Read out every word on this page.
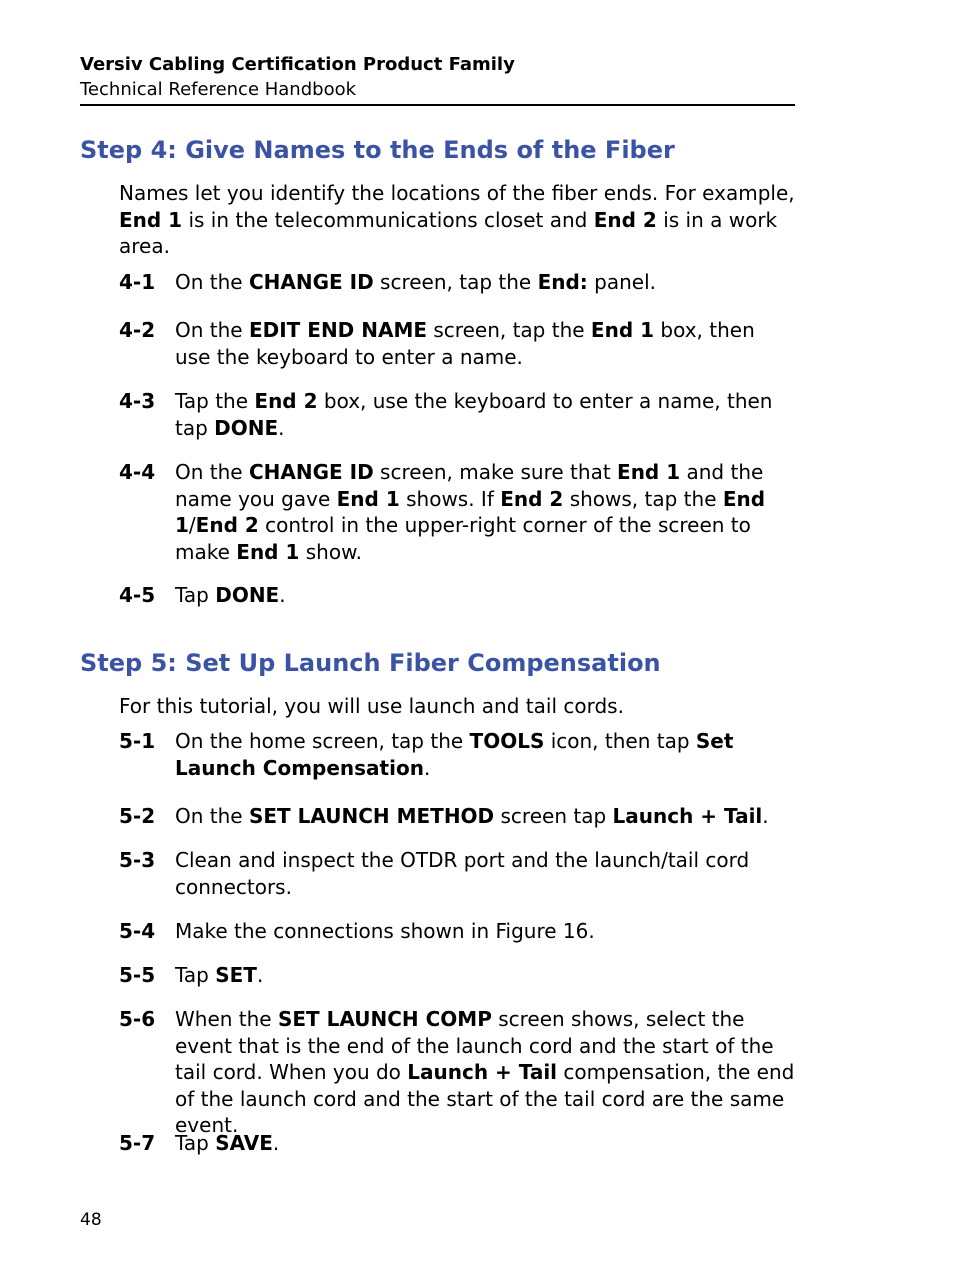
Versiv Cabling Certification Product Family
Technical Reference Handbook
Step 4: Give Names to the Ends of the Fiber

Names let you identify the locations of the fiber ends. For example, End 1 is in the telecommunications closet and End 2 is in a work area.

4-1 On the CHANGE ID screen, tap the End: panel.
4-2 On the EDIT END NAME screen, tap the End 1 box, then use the keyboard to enter a name.
4-3 Tap the End 2 box, use the keyboard to enter a name, then tap DONE.
4-4 On the CHANGE ID screen, make sure that End 1 and the name you gave End 1 shows. If End 2 shows, tap the End 1/End 2 control in the upper-right corner of the screen to make End 1 show.
4-5 Tap DONE.
Step 5: Set Up Launch Fiber Compensation

For this tutorial, you will use launch and tail cords.

5-1 On the home screen, tap the TOOLS icon, then tap Set Launch Compensation.
5-2 On the SET LAUNCH METHOD screen tap Launch + Tail.
5-3 Clean and inspect the OTDR port and the launch/tail cord connectors.
5-4 Make the connections shown in Figure 16.
5-5 Tap SET.
5-6 When the SET LAUNCH COMP screen shows, select the event that is the end of the launch cord and the start of the tail cord. When you do Launch + Tail compensation, the end of the launch cord and the start of the tail cord are the same event.
5-7 Tap SAVE.
48
